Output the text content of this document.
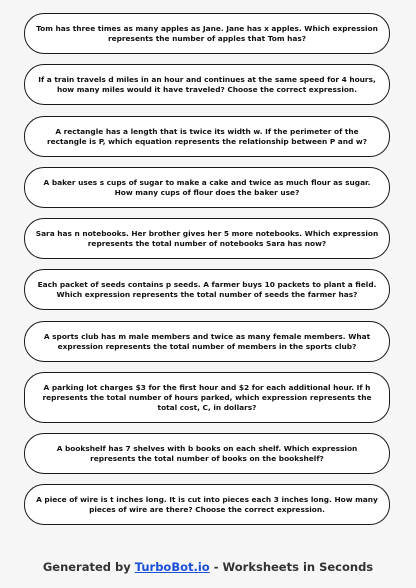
Tom has three times as many apples as Jane. Jane has x apples. Which expression represents the number of apples that Tom has?

If a train travels d miles in an hour and continues at the same speed for 4 hours, how many miles would it have traveled? Choose the correct expression.

A rectangle has a length that is twice its width w. If the perimeter of the rectangle is P, which equation represents the relationship between P and w?

A baker uses s cups of sugar to make a cake and twice as much flour as sugar. How many cups of flour does the baker use?

Sara has n notebooks. Her brother gives her 5 more notebooks. Which expression represents the total number of notebooks Sara has now?

Each packet of seeds contains p seeds. A farmer buys 10 packets to plant a field. Which expression represents the total number of seeds the farmer has?

A sports club has m male members and twice as many female members. What expression represents the total number of members in the sports club?

A parking lot charges $3 for the first hour and $2 for each additional hour. If h represents the total number of hours parked, which expression represents the total cost, C, in dollars?

A bookshelf has 7 shelves with b books on each shelf. Which expression represents the total number of books on the bookshelf?

A piece of wire is t inches long. It is cut into pieces each 3 inches long. How many pieces of wire are there? Choose the correct expression.

Generated by TurboBot.io - Worksheets in Seconds
